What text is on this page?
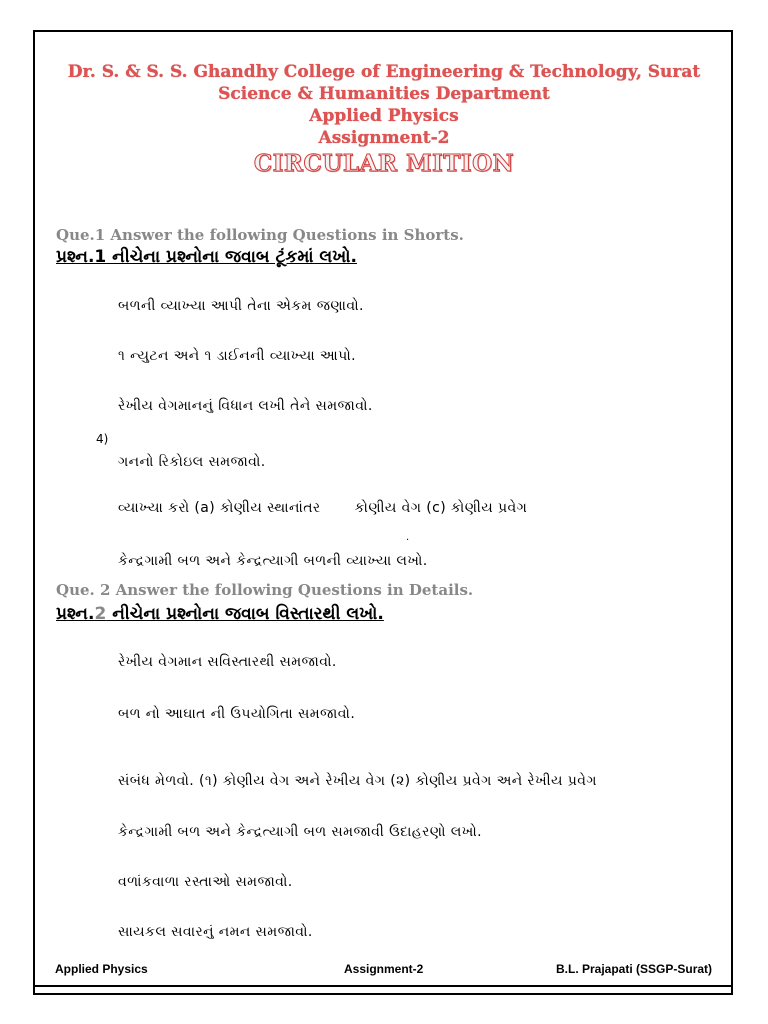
Dr. S. & S. S. Ghandhy College of Engineering & Technology, Surat
Science & Humanities Department
Applied Physics
Assignment-2
CIRCULAR MITION
Que.1 Answer the following Questions in Shorts.
પ્રશ્ન.1 નીચેના પ્રશ્નોના જવાબ ટૂંકમાં લખો.
બળની વ્યાખ્યા આપી તેના એકમ જણાવો.
૧ ન્યુટન અને ૧ ડાઈનની વ્યાખ્યા આપો.
રેખીય વેગમાનનું વિધાન લખી તેને સમજાવો.
4)
ગનનો રિકોઇલ સમજાવો.
વ્યાખ્યા કરો (a) કોણીય સ્થાનાંતર કોણીય વેગ (c) કોણીય પ્રવેગ
.
કેન્દ્રગામી બળ અને કેન્દ્રત્યાગી બળની વ્યાખ્યા લખો.
Que. 2 Answer the following Questions in Details.
પ્રશ્ન.2 નીચેના પ્રશ્નોના જવાબ વિસ્તારથી લખો.
રેખીય વેગમાન સવિસ્તારથી સમજાવો.
બળ નો આઘાત ની ઉપયોગિતા સમજાવો.
સંબંધ મેળવો. (૧) કોણીય વેગ અને રેખીય વેગ (૨) કોણીય પ્રવેગ અને રેખીય પ્રવેગ
કેન્દ્રગામી બળ અને કેન્દ્રત્યાગી બળ સમજાવી ઉદાહરણો લખો.
વળાંકવાળા રસ્તાઓ સમજાવો.
સાયકલ સવારનું નમન સમજાવો.
Applied Physics	Assignment-2	B.L. Prajapati (SSGP-Surat)
